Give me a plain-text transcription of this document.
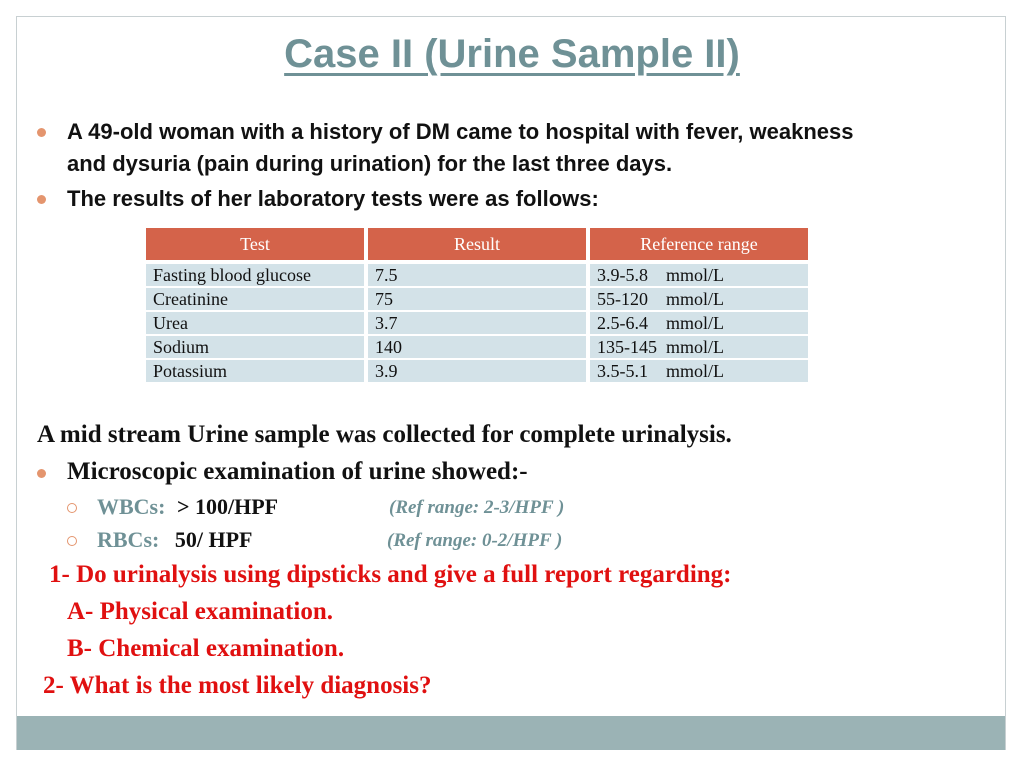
Case II (Urine Sample II)
A 49-old woman with a history of DM came to hospital with fever, weakness
and dysuria (pain during urination) for the last three days.
The results of her laboratory tests were as follows:
Test	Result	Reference range
Fasting blood glucose	7.5	3.9-5.8    mmol/L
Creatinine	75	55-120    mmol/L
Urea	3.7	2.5-6.4    mmol/L
Sodium	140	135-145  mmol/L
Potassium	3.9	3.5-5.1    mmol/L
A mid stream Urine sample was collected for complete urinalysis.
Microscopic examination of urine showed:-
WBCs: > 100/HPF	(Ref range: 2-3/HPF )
RBCs: 50/ HPF	(Ref range: 0-2/HPF )
1- Do urinalysis using dipsticks and give a full report regarding:
A- Physical examination.
B- Chemical examination.
2- What is the most likely diagnosis?
